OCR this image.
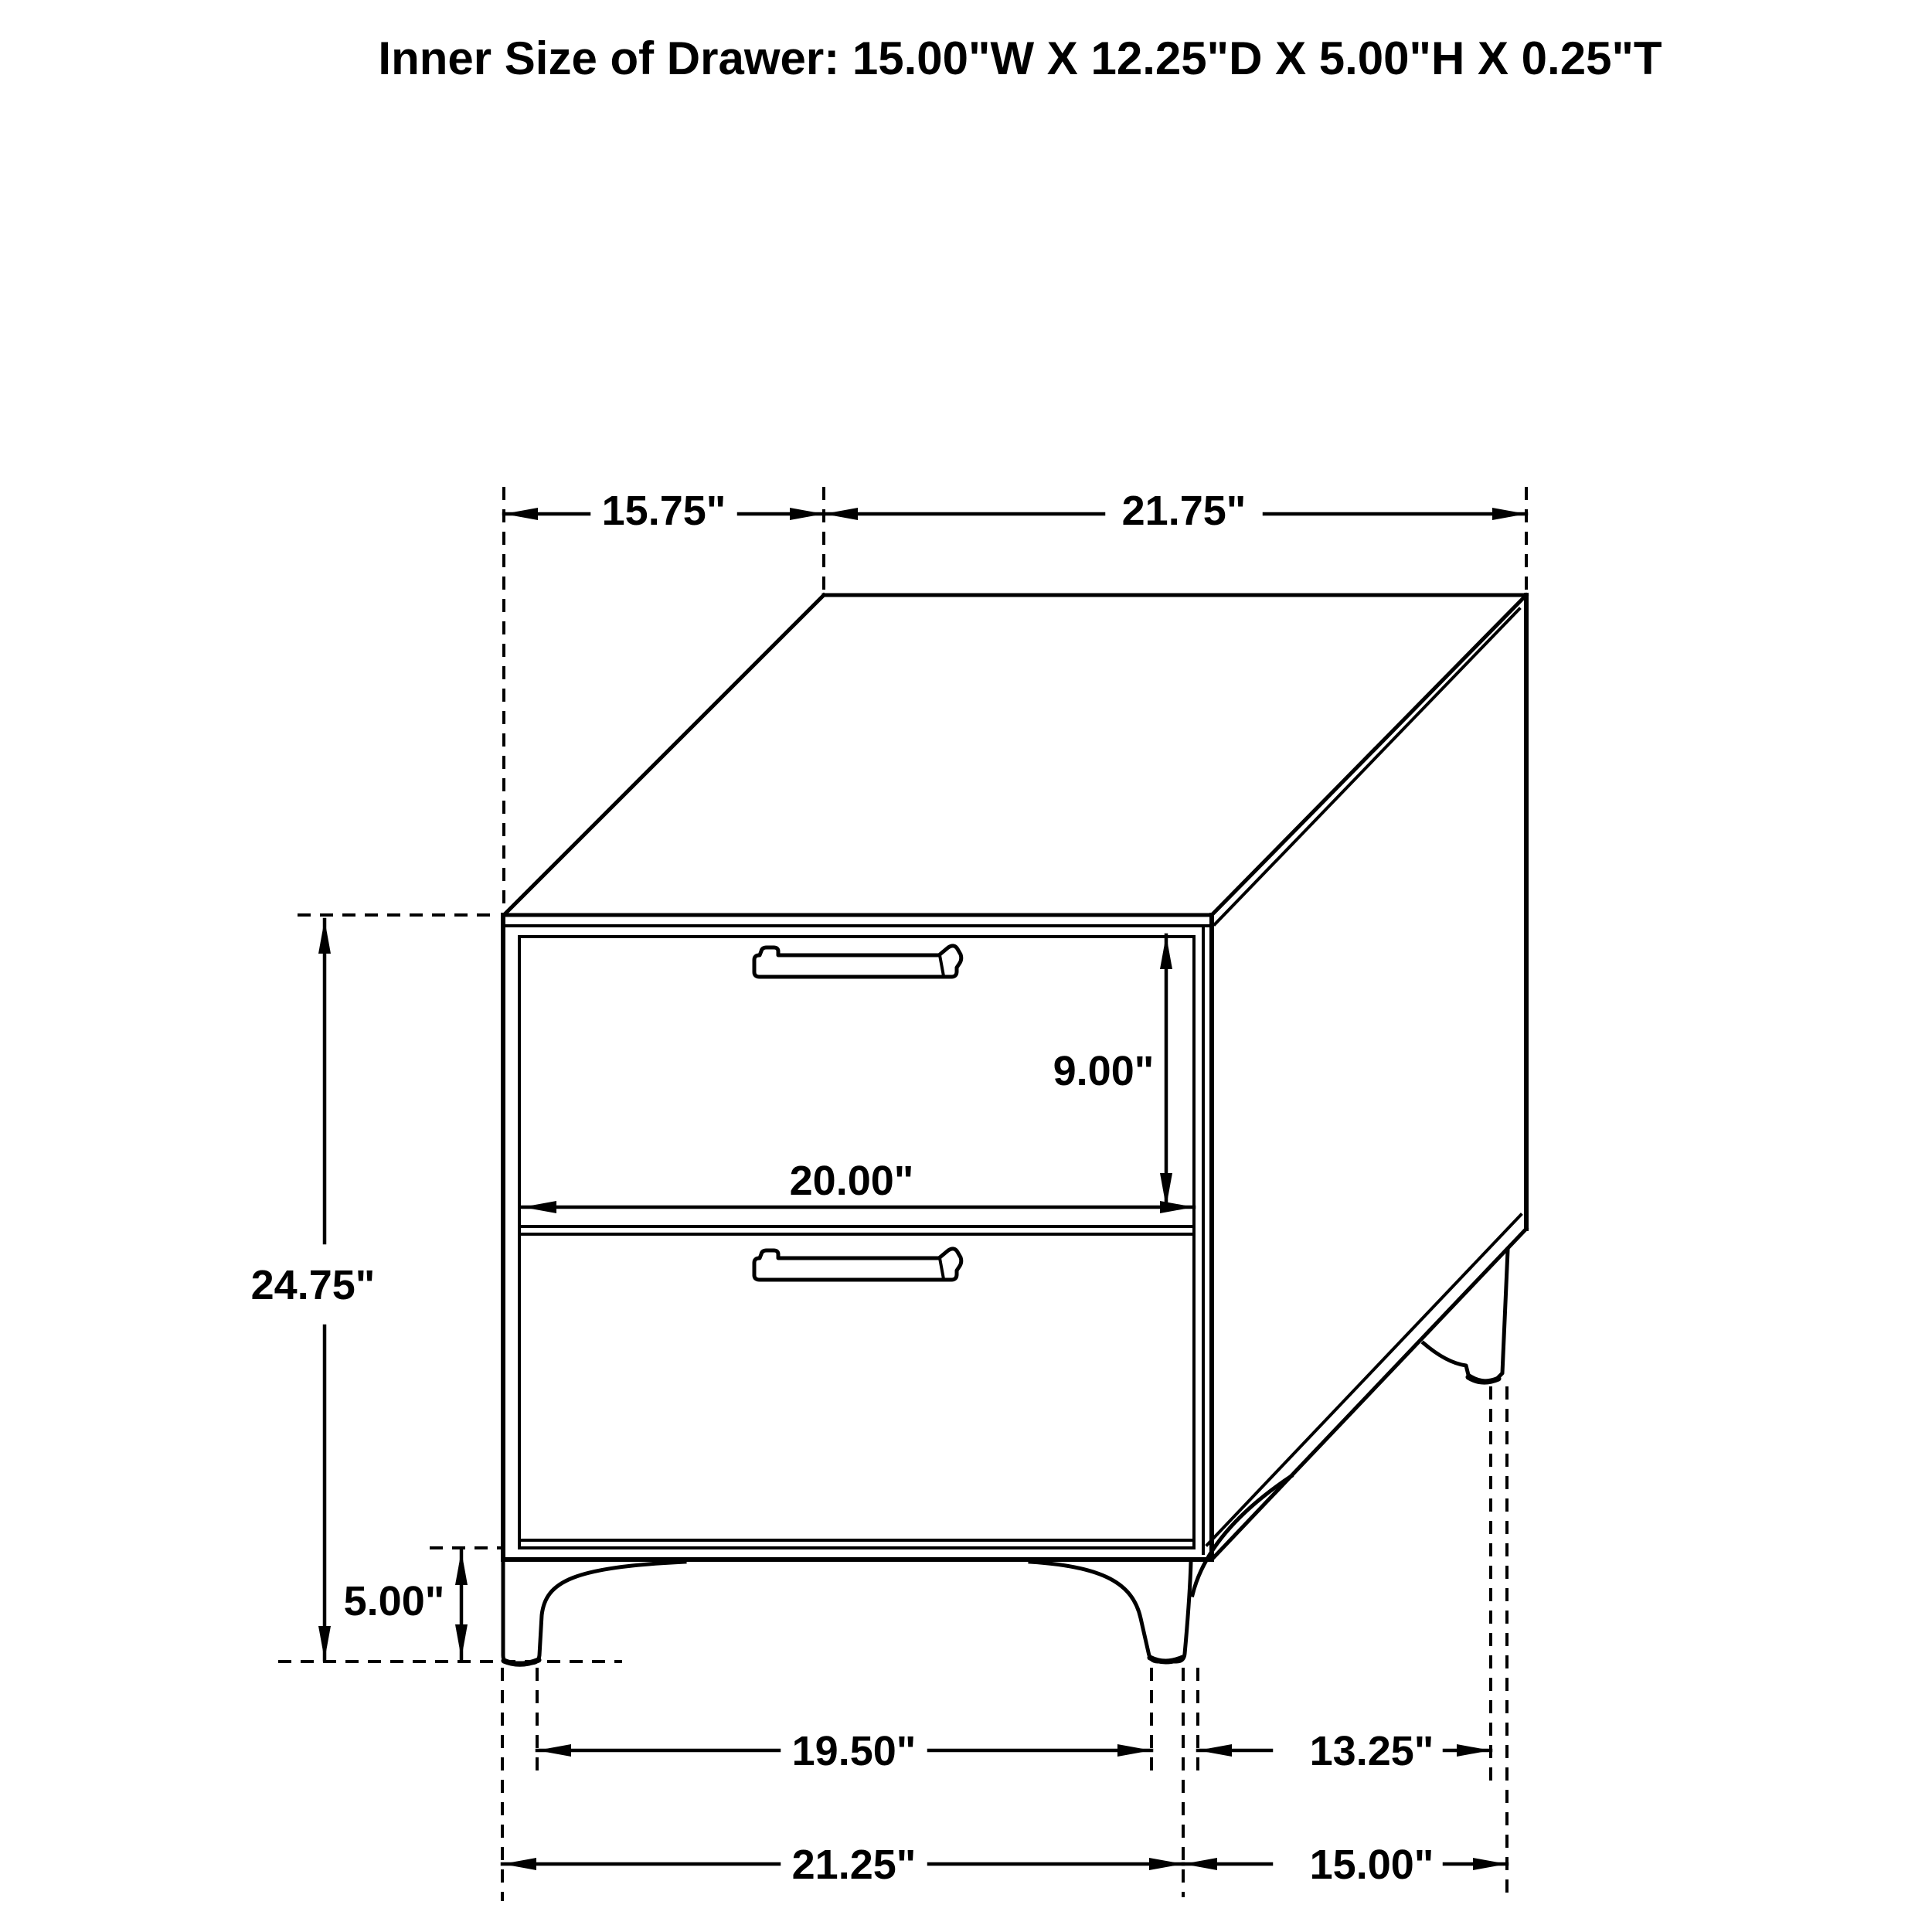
Inner Size of Drawer: 15.00"W X 12.25"D X 5.00"H X 0.25"T
15.75"	21.75"
9.00"
20.00"
24.75"
5.00"
19.50"	13.25"
21.25"	15.00"
